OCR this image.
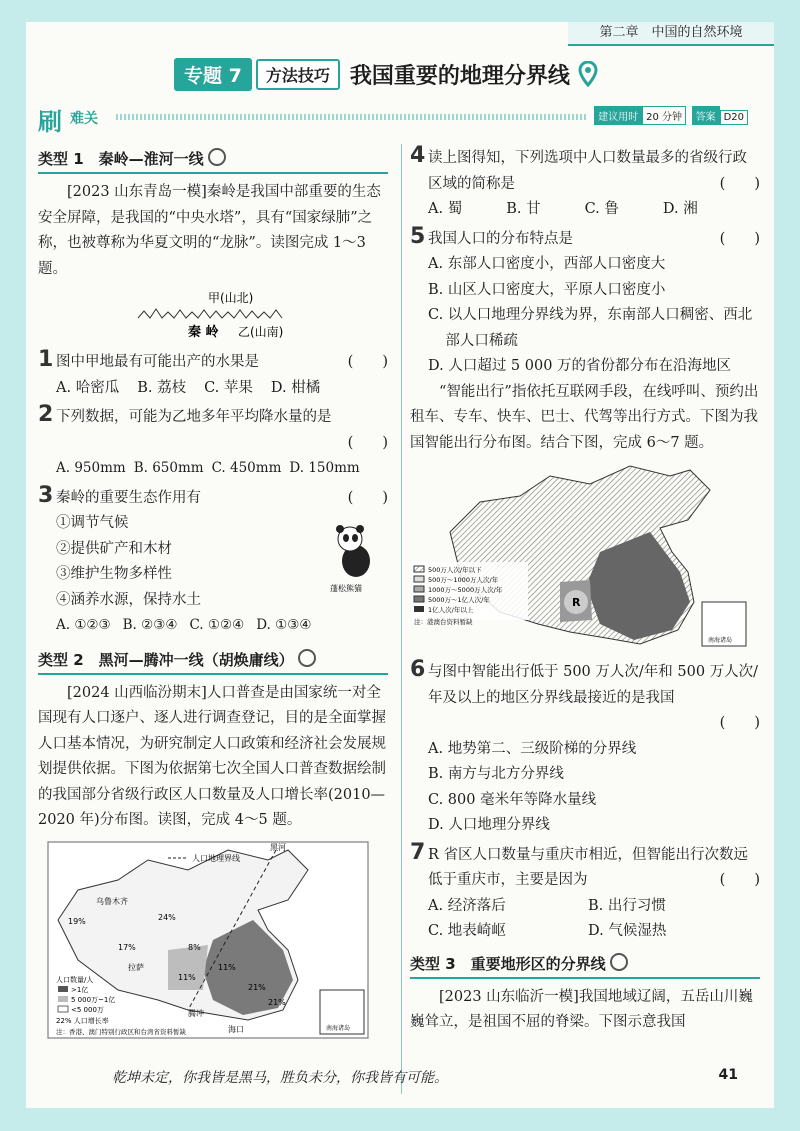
第二章　中国的自然环境
专题 7	方法技巧 我国重要的地理分界线
刷 难关	建议用时 20 分钟	答案 D20
类型 1　秦岭—淮河一线

[2023 山东青岛一模]秦岭是我国中部重要的生态安全屏障，是我国的“中央水塔”，具有“国家绿肺”之称，也被尊称为华夏文明的“龙脉”。读图完成 1～3 题。

甲(山北)
秦 岭 乙(山南)
1 图中甲地最有可能出产的水果是	(　　)
A. 哈密瓜 B. 荔枝 C. 苹果 D. 柑橘
2 下列数据，可能为乙地多年平均降水量的是
(　　)
A. 950mm B. 650mm C. 450mm D. 150mm
3 秦岭的重要生态作用有	(　　)
①调节气候
②提供矿产和木材
③维护生物多样性
④涵养水源，保持水土
蓬松熊猫
A. ①②③ B. ②③④ C. ①②④ D. ①③④
类型 2　黑河—腾冲一线（胡焕庸线）

[2024 山西临汾期末]人口普查是由国家统一对全国现有人口逐户、逐人进行调查登记，目的是全面掌握人口基本情况，为研究制定人口政策和经济社会发展规划提供依据。下图为依据第七次全国人口普查数据绘制的我国部分省级行政区人口数量及人口增长率(2010—2020 年)分布图。读图，完成 4～5 题。

人口地理界线
黑河
乌鲁木齐
拉萨
腾冲
海口
19%
17%
21%
11%
11%
21%
24%
8%
人口数量/人
>1亿
5 000万~1亿
<5 000万
22% 人口增长率
注：香港、澳门特别行政区和台湾省资料暂缺	南海诸岛
4 读上图得知，下列选项中人口数量最多的省级行政区域的简称是	(　　)
A. 蜀	B. 甘	C. 鲁	D. 湘
5 我国人口的分布特点是	(　　)
A. 东部人口密度小，西部人口密度大
B. 山区人口密度大，平原人口密度小
C. 以人口地理分界线为界，东南部人口稠密、西北部人口稀疏
D. 人口超过 5 000 万的省份都分布在沿海地区

“智能出行”指依托互联网手段，在线呼叫、预约出租车、专车、快车、巴士、代驾等出行方式。下图为我国智能出行分布图。结合下图，完成 6～7 题。

R
500万人次/年以下
500万～1000万人次/年
1000万～5000万人次/年
5000万～1亿人次/年
1亿人次/年以上
注：港澳台资料暂缺
南海诸岛
6 与图中智能出行低于 500 万人次/年和 500 万人次/年及以上的地区分界线最接近的是我国
(　　)
A. 地势第二、三级阶梯的分界线
B. 南方与北方分界线
C. 800 毫米年等降水量线
D. 人口地理分界线
7 R 省区人口数量与重庆市相近，但智能出行次数远低于重庆市，主要是因为	(　　)
A. 经济落后	B. 出行习惯
C. 地表崎岖	D. 气候湿热
类型 3　重要地形区的分界线

[2023 山东临沂一模]我国地域辽阔，五岳山川巍巍耸立，是祖国不屈的脊梁。下图示意我国

乾坤未定，你我皆是黑马，胜负未分，你我皆有可能。	41
